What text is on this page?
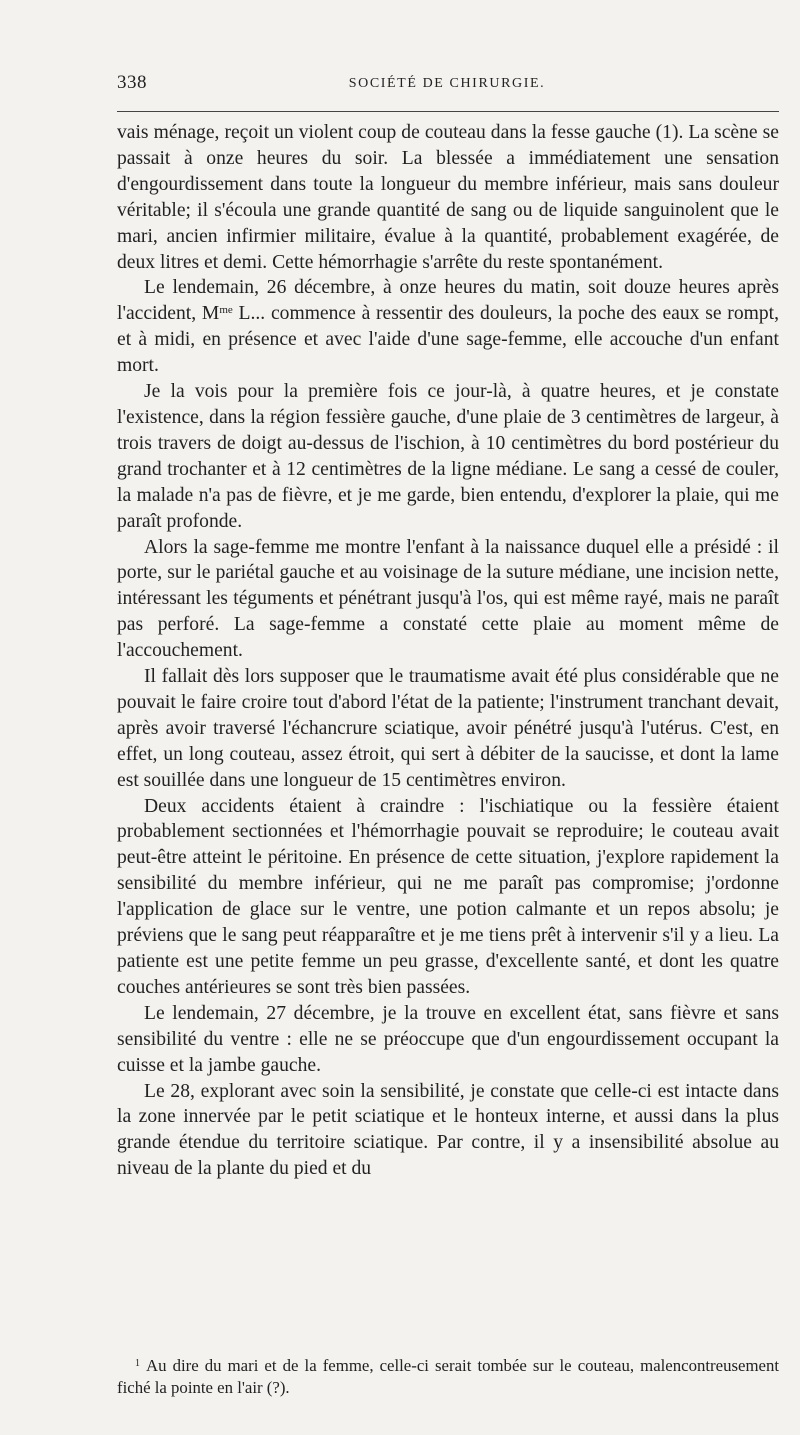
338	SOCIÉTÉ DE CHIRURGIE.

vais ménage, reçoit un violent coup de couteau dans la fesse gauche (1). La scène se passait à onze heures du soir. La blessée a immédiatement une sensation d'engourdissement dans toute la longueur du membre inférieur, mais sans douleur véritable; il s'écoula une grande quantité de sang ou de liquide sanguinolent que le mari, ancien infirmier militaire, évalue à la quantité, probablement exagérée, de deux litres et demi. Cette hémorrhagie s'arrête du reste spontanément.

Le lendemain, 26 décembre, à onze heures du matin, soit douze heures après l'accident, $M^{me}$ L... commence à ressentir des douleurs, la poche des eaux se rompt, et à midi, en présence et avec l'aide d'une sage-femme, elle accouche d'un enfant mort.

Je la vois pour la première fois ce jour-là, à quatre heures, et je constate l'existence, dans la région fessière gauche, d'une plaie de 3 centimètres de largeur, à trois travers de doigt au-dessus de l'ischion, à 10 centimètres du bord postérieur du grand trochanter et à 12 centimètres de la ligne médiane. Le sang a cessé de couler, la malade n'a pas de fièvre, et je me garde, bien entendu, d'explorer la plaie, qui me paraît profonde.

Alors la sage-femme me montre l'enfant à la naissance duquel elle a présidé : il porte, sur le pariétal gauche et au voisinage de la suture médiane, une incision nette, intéressant les téguments et pénétrant jusqu'à l'os, qui est même rayé, mais ne paraît pas perforé. La sage-femme a constaté cette plaie au moment même de l'accouchement.

Il fallait dès lors supposer que le traumatisme avait été plus considérable que ne pouvait le faire croire tout d'abord l'état de la patiente; l'instrument tranchant devait, après avoir traversé l'échancrure sciatique, avoir pénétré jusqu'à l'utérus. C'est, en effet, un long couteau, assez étroit, qui sert à débiter de la saucisse, et dont la lame est souillée dans une longueur de 15 centimètres environ.

Deux accidents étaient à craindre : l'ischiatique ou la fessière étaient probablement sectionnées et l'hémorrhagie pouvait se reproduire; le couteau avait peut-être atteint le péritoine. En présence de cette situation, j'explore rapidement la sensibilité du membre inférieur, qui ne me paraît pas compromise; j'ordonne l'application de glace sur le ventre, une potion calmante et un repos absolu; je préviens que le sang peut réapparaître et je me tiens prêt à intervenir s'il y a lieu. La patiente est une petite femme un peu grasse, d'excellente santé, et dont les quatre couches antérieures se sont très bien passées.

Le lendemain, 27 décembre, je la trouve en excellent état, sans fièvre et sans sensibilité du ventre : elle ne se préoccupe que d'un engourdissement occupant la cuisse et la jambe gauche.

Le 28, explorant avec soin la sensibilité, je constate que celle-ci est intacte dans la zone innervée par le petit sciatique et le honteux interne, et aussi dans la plus grande étendue du territoire sciatique. Par contre, il y a insensibilité absolue au niveau de la plante du pied et du

$^1$ Au dire du mari et de la femme, celle-ci serait tombée sur le couteau, malencontreusement fiché la pointe en l'air (?).
